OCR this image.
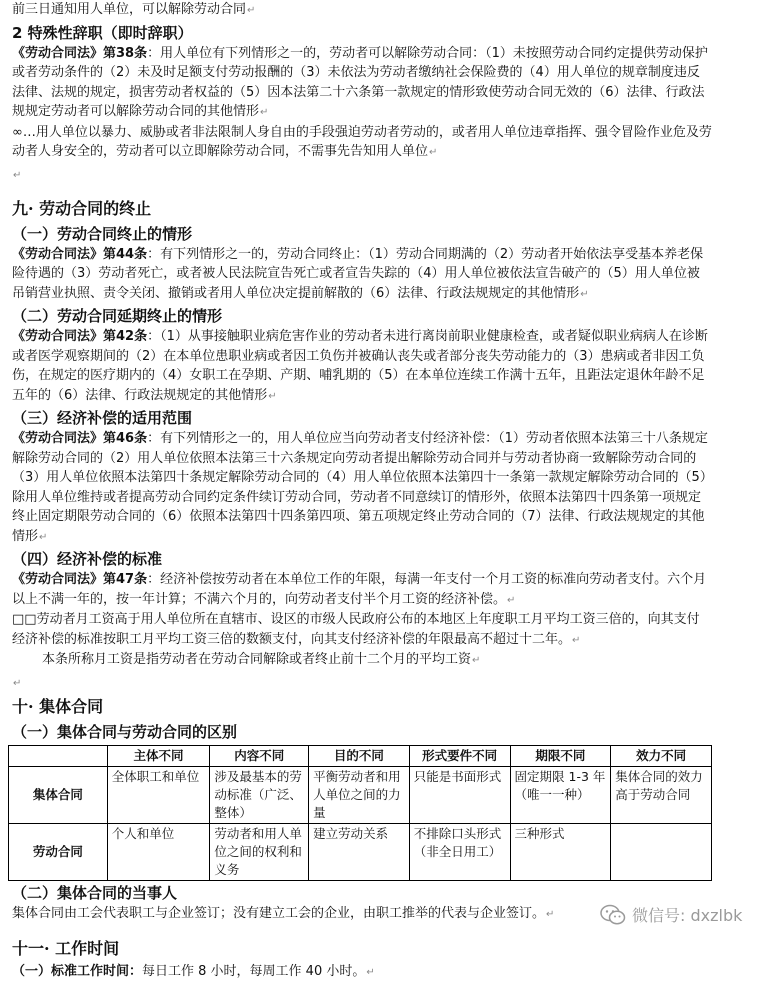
前三日通知用人单位，可以解除劳动合同↵
2 特殊性辞职（即时辞职）
《劳动合同法》第38条：用人单位有下列情形之一的，劳动者可以解除劳动合同：（1）未按照劳动合同约定提供劳动保护或者劳动条件的（2）未及时足额支付劳动报酬的（3）未依法为劳动者缴纳社会保险费的（4）用人单位的规章制度违反法律、法规的规定，损害劳动者权益的（5）因本法第二十六条第一款规定的情形致使劳动合同无效的（6）法律、行政法规规定劳动者可以解除劳动合同的其他情形↵
∞…用人单位以暴力、威胁或者非法限制人身自由的手段强迫劳动者劳动的，或者用人单位违章指挥、强令冒险作业危及劳动者人身安全的，劳动者可以立即解除劳动合同，不需事先告知用人单位↵
↵
九· 劳动合同的终止
（一）劳动合同终止的情形
《劳动合同法》第44条：有下列情形之一的，劳动合同终止：（1）劳动合同期满的（2）劳动者开始依法享受基本养老保险待遇的（3）劳动者死亡，或者被人民法院宣告死亡或者宣告失踪的（4）用人单位被依法宣告破产的（5）用人单位被吊销营业执照、责令关闭、撤销或者用人单位决定提前解散的（6）法律、行政法规规定的其他情形↵
（二）劳动合同延期终止的情形
《劳动合同法》第42条：（1）从事接触职业病危害作业的劳动者未进行离岗前职业健康检查，或者疑似职业病病人在诊断或者医学观察期间的（2）在本单位患职业病或者因工负伤并被确认丧失或者部分丧失劳动能力的（3）患病或者非因工负伤，在规定的医疗期内的（4）女职工在孕期、产期、哺乳期的（5）在本单位连续工作满十五年，且距法定退休年龄不足五年的（6）法律、行政法规规定的其他情形↵
（三）经济补偿的适用范围
《劳动合同法》第46条：有下列情形之一的，用人单位应当向劳动者支付经济补偿：（1）劳动者依照本法第三十八条规定解除劳动合同的（2）用人单位依照本法第三十六条规定向劳动者提出解除劳动合同并与劳动者协商一致解除劳动合同的（3）用人单位依照本法第四十条规定解除劳动合同的（4）用人单位依照本法第四十一条第一款规定解除劳动合同的（5）除用人单位维持或者提高劳动合同约定条件续订劳动合同，劳动者不同意续订的情形外，依照本法第四十四条第一项规定终止固定期限劳动合同的（6）依照本法第四十四条第四项、第五项规定终止劳动合同的（7）法律、行政法规规定的其他情形↵
（四）经济补偿的标准
《劳动合同法》第47条：经济补偿按劳动者在本单位工作的年限，每满一年支付一个月工资的标准向劳动者支付。六个月以上不满一年的，按一年计算；不满六个月的，向劳动者支付半个月工资的经济补偿。↵
□□劳动者月工资高于用人单位所在直辖市、设区的市级人民政府公布的本地区上年度职工月平均工资三倍的，向其支付经济补偿的标准按职工月平均工资三倍的数额支付，向其支付经济补偿的年限最高不超过十二年。↵
本条所称月工资是指劳动者在劳动合同解除或者终止前十二个月的平均工资↵
↵
十· 集体合同
（一）集体合同与劳动合同的区别
	主体不同	内容不同	目的不同	形式要件不同	期限不同	效力不同
集体合同	全体职工和单位	涉及最基本的劳动标准（广泛、整体）	平衡劳动者和用人单位之间的力量	只能是书面形式	固定期限 1-3 年（唯一一种）	集体合同的效力高于劳动合同
劳动合同	个人和单位	劳动者和用人单位之间的权利和义务	建立劳动关系	不排除口头形式（非全日用工）	三种形式	
（二）集体合同的当事人
集体合同由工会代表职工与企业签订；没有建立工会的企业，由职工推举的代表与企业签订。↵
十一· 工作时间
（一）标准工作时间：每日工作 8 小时，每周工作 40 小时。↵
微信号: dxzlbk
